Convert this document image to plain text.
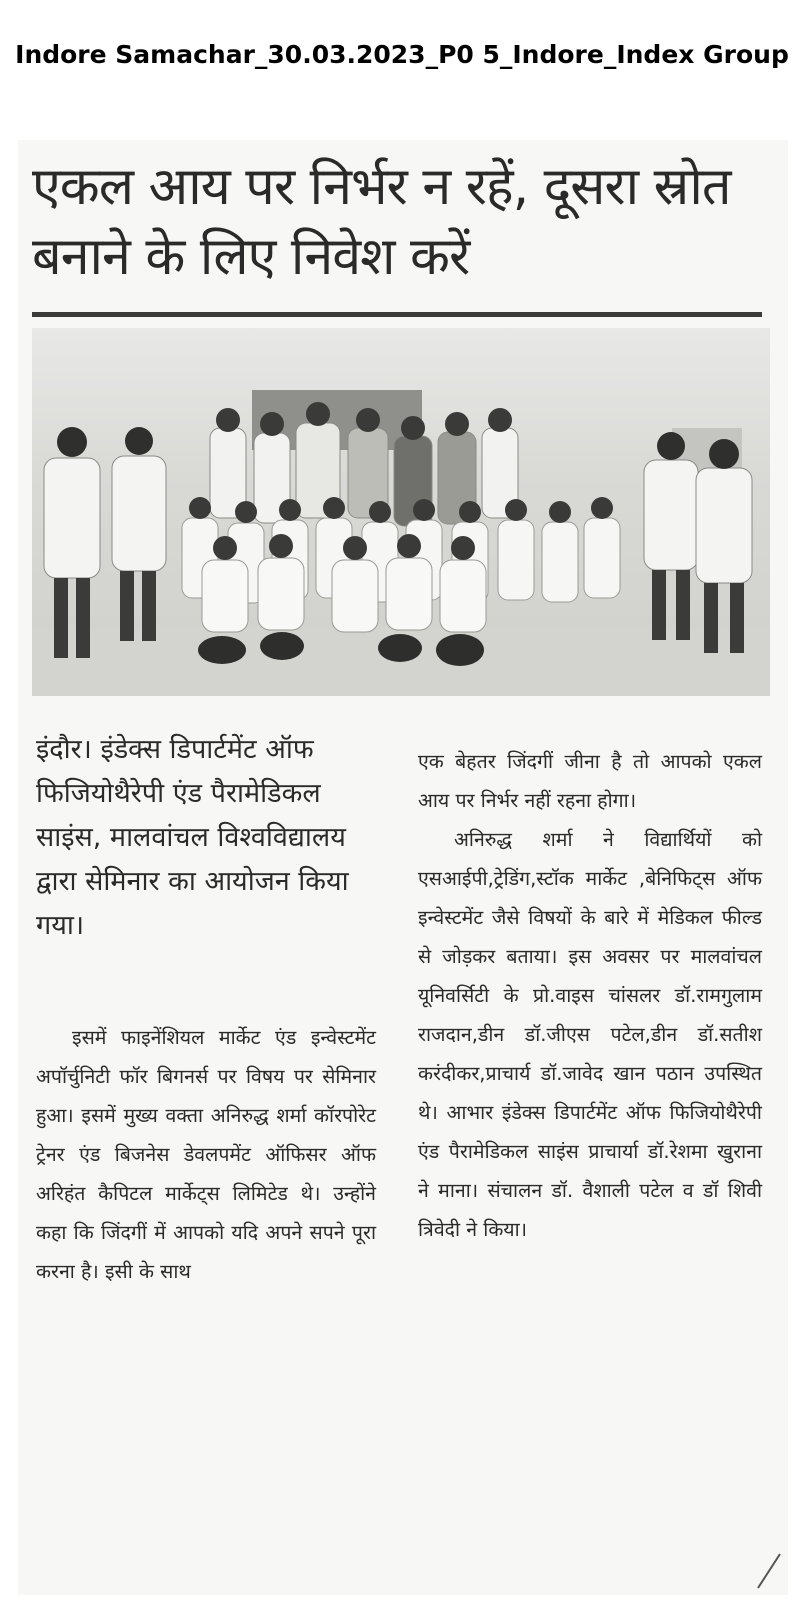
Indore Samachar_30.03.2023_P0 5_Indore_Index Group
एकल आय पर निर्भर न रहें, दूसरा स्रोत बनाने के लिए निवेश करें

इंदौर। इंडेक्स डिपार्टमेंट ऑफ फिजियोथैरेपी एंड पैरामेडिकल साइंस, मालवांचल विश्वविद्यालय द्वारा सेमिनार का आयोजन किया गया।

इसमें फाइनेंशियल मार्केट एंड इन्वेस्टमेंट अपॉर्चुनिटी फॉर बिगनर्स पर विषय पर सेमिनार हुआ। इसमें मुख्य वक्ता अनिरुद्ध शर्मा कॉरपोरेट ट्रेनर एंड बिजनेस डेवलपमेंट ऑफिसर ऑफ अरिहंत कैपिटल मार्केट्स लिमिटेड थे। उन्होंने कहा कि जिंदगीं में आपको यदि अपने सपने पूरा करना है। इसी के साथ

एक बेहतर जिंदगीं जीना है तो आपको एकल आय पर निर्भर नहीं रहना होगा।

अनिरुद्ध शर्मा ने विद्यार्थियों को एसआईपी,ट्रेडिंग,स्टॉक मार्केट ,बेनिफिट्स ऑफ इन्वेस्टमेंट जैसे विषयों के बारे में मेडिकल फील्ड से जोड़कर बताया। इस अवसर पर मालवांचल यूनिवर्सिटी के प्रो.वाइस चांसलर डॉ.रामगुलाम राजदान,डीन डॉ.जीएस पटेल,डीन डॉ.सतीश करंदीकर,प्राचार्य डॉ.जावेद खान पठान उपस्थित थे। आभार इंडेक्स डिपार्टमेंट ऑफ फिजियोथैरेपी एंड पैरामेडिकल साइंस प्राचार्या डॉ.रेशमा खुराना ने माना। संचालन डॉ. वैशाली पटेल व डॉ शिवी त्रिवेदी ने किया।
